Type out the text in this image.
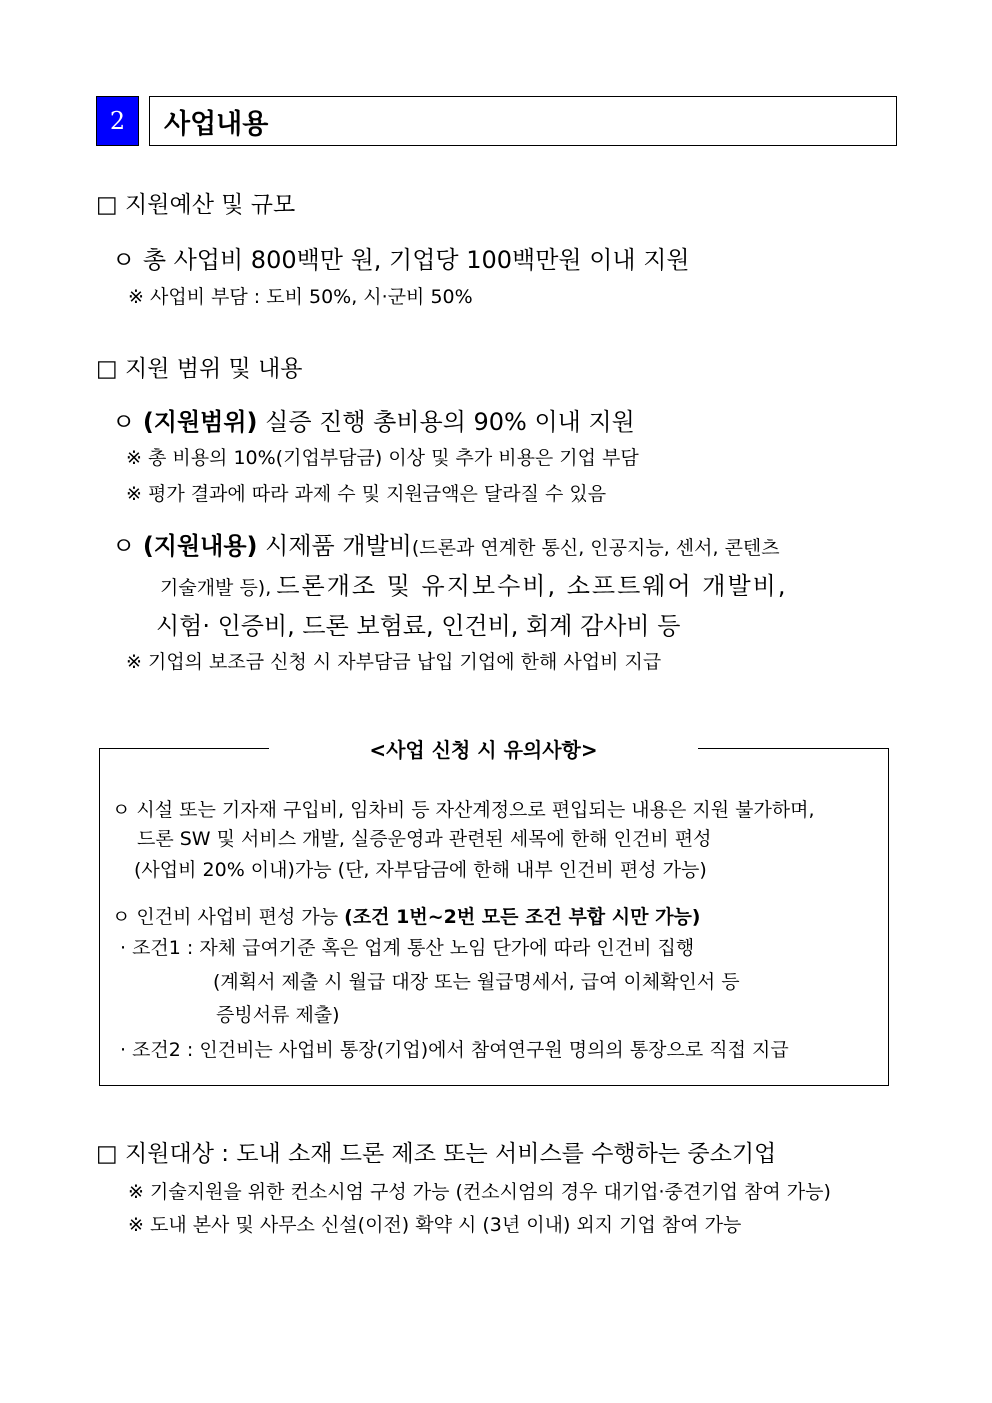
2 사업내용
□ 지원예산 및 규모
ㅇ 총 사업비 800백만 원, 기업당 100백만원 이내 지원
※ 사업비 부담 : 도비 50%, 시·군비 50%
□ 지원 범위 및 내용
ㅇ (지원범위) 실증 진행 총비용의 90% 이내 지원
※ 총 비용의 10%(기업부담금) 이상 및 추가 비용은 기업 부담
※ 평가 결과에 따라 과제 수 및 지원금액은 달라질 수 있음
ㅇ (지원내용) 시제품 개발비(드론과 연계한 통신, 인공지능, 센서, 콘텐츠
기술개발 등), 드론개조 및 유지보수비, 소프트웨어 개발비,
시험· 인증비, 드론 보험료, 인건비, 회계 감사비 등
※ 기업의 보조금 신청 시 자부담금 납입 기업에 한해 사업비 지급
<사업 신청 시 유의사항>
ㅇ 시설 또는 기자재 구입비, 임차비 등 자산계정으로 편입되는 내용은 지원 불가하며,
드론 SW 및 서비스 개발, 실증운영과 관련된 세목에 한해 인건비 편성
(사업비 20% 이내)가능 (단, 자부담금에 한해 내부 인건비 편성 가능)
ㅇ 인건비 사업비 편성 가능 (조건 1번~2번 모든 조건 부합 시만 가능)
· 조건1 : 자체 급여기준 혹은 업계 통산 노임 단가에 따라 인건비 집행
(계획서 제출 시 월급 대장 또는 월급명세서, 급여 이체확인서 등
증빙서류 제출)
· 조건2 : 인건비는 사업비 통장(기업)에서 참여연구원 명의의 통장으로 직접 지급
□ 지원대상 : 도내 소재 드론 제조 또는 서비스를 수행하는 중소기업
※ 기술지원을 위한 컨소시엄 구성 가능 (컨소시엄의 경우 대기업·중견기업 참여 가능)
※ 도내 본사 및 사무소 신설(이전) 확약 시 (3년 이내) 외지 기업 참여 가능
